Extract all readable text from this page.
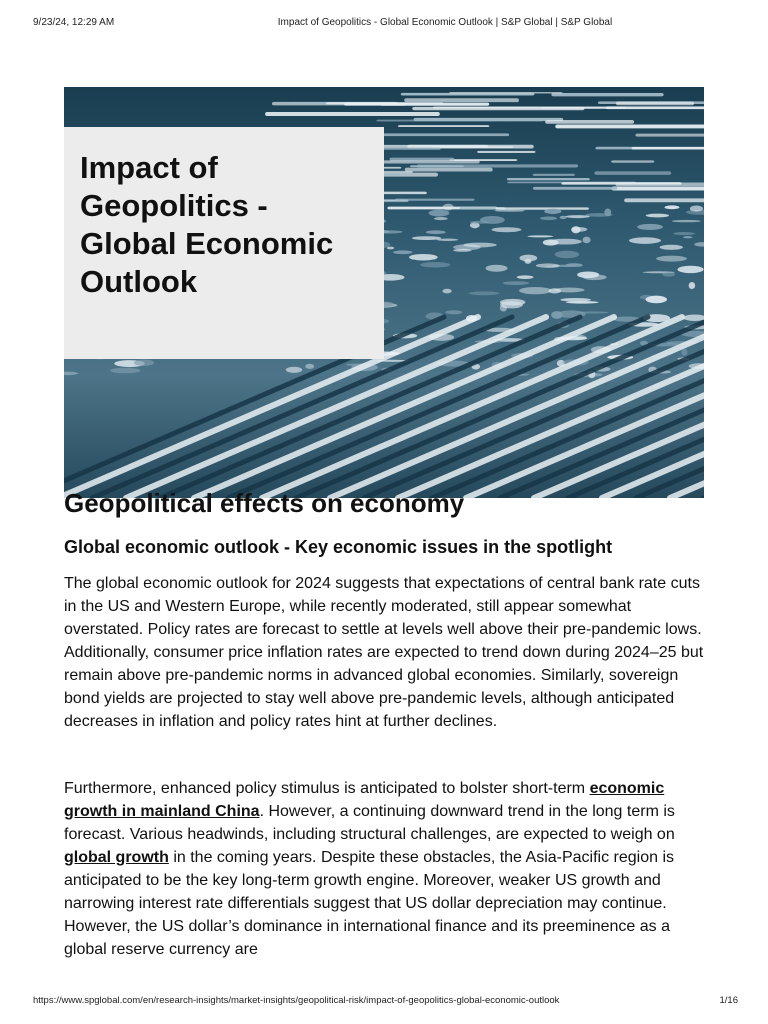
9/23/24, 12:29 AM	Impact of Geopolitics - Global Economic Outlook | S&P Global | S&P Global
Impact of Geopolitics - Global Economic Outlook
Geopolitical effects on economy
Global economic outlook - Key economic issues in the spotlight

The global economic outlook for 2024 suggests that expectations of central bank rate cuts in the US and Western Europe, while recently moderated, still appear somewhat overstated. Policy rates are forecast to settle at levels well above their pre-pandemic lows. Additionally, consumer price inflation rates are expected to trend down during 2024–25 but remain above pre-pandemic norms in advanced global economies. Similarly, sovereign bond yields are projected to stay well above pre-pandemic levels, although anticipated decreases in inflation and policy rates hint at further declines.

Furthermore, enhanced policy stimulus is anticipated to bolster short-term economic growth in mainland China. However, a continuing downward trend in the long term is forecast. Various headwinds, including structural challenges, are expected to weigh on global growth in the coming years. Despite these obstacles, the Asia-Pacific region is anticipated to be the key long-term growth engine. Moreover, weaker US growth and narrowing interest rate differentials suggest that US dollar depreciation may continue. However, the US dollar’s dominance in international finance and its preeminence as a global reserve currency are

https://www.spglobal.com/en/research-insights/market-insights/geopolitical-risk/impact-of-geopolitics-global-economic-outlook	1/16
